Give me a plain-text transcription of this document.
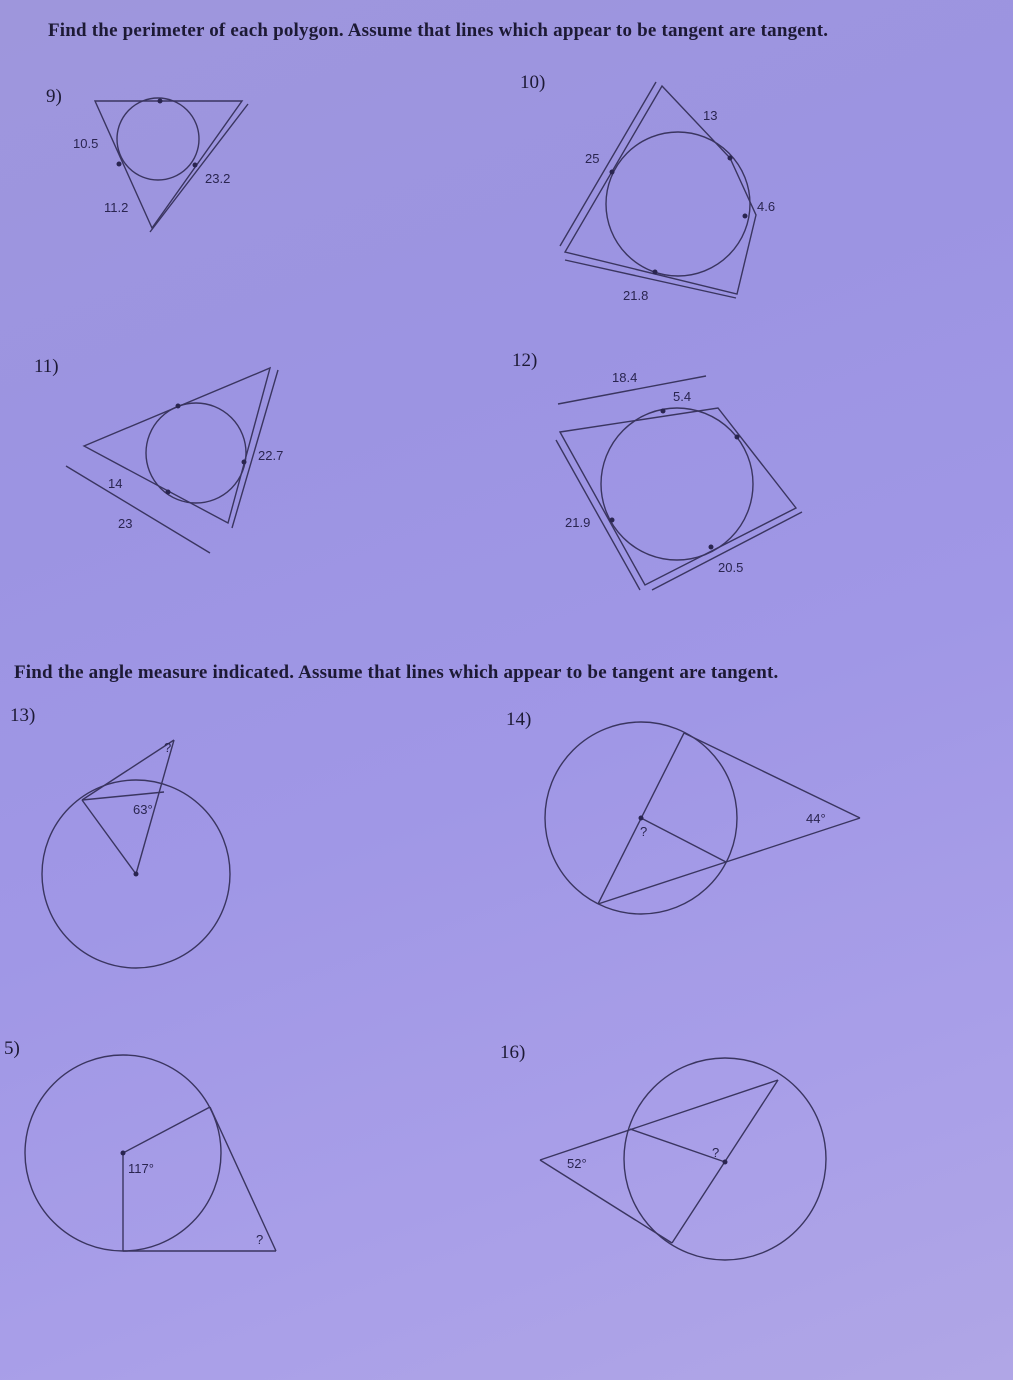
Find the perimeter of each polygon. Assume that lines which appear to be tangent are tangent.
Find the angle measure indicated. Assume that lines which appear to be tangent are tangent.
9)
10)
11)	12)
13)	14)
5)	16)
10.5
23.2
11.2
13
25
4.6
21.8
22.7
14
23
18.4
5.4
21.9
20.5
?
63°
?
44°
117°
?
?
52°
